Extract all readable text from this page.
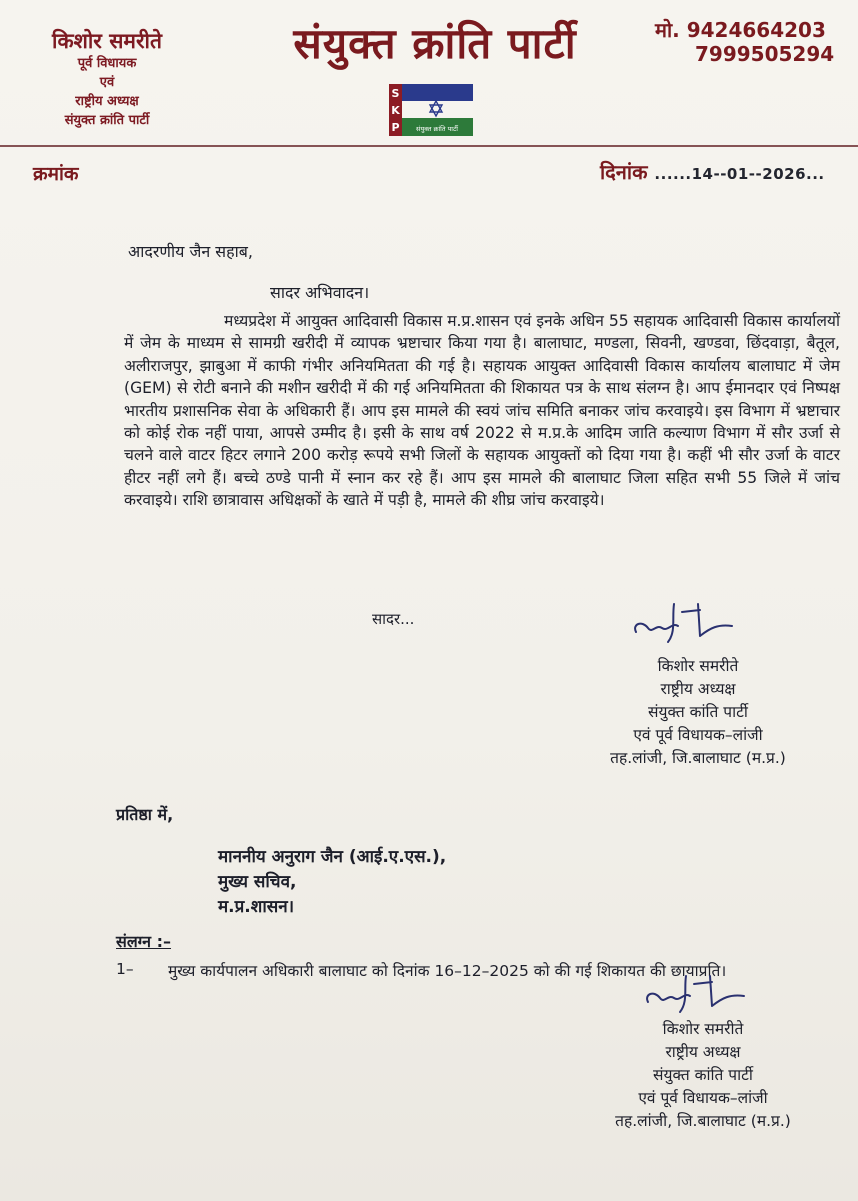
किशोर समरीते
पूर्व विधायक
एवं
राष्ट्रीय अध्यक्ष
संयुक्त क्रांति पार्टी
संयुक्त क्रांति पार्टी
S
K
P	संयुक्त क्रांति पार्टी
मो. 9424664203
7999505294
क्रमांक	दिनांक ......14--01--2026...
आदरणीय जैन सहाब,
सादर अभिवादन।

मध्यप्रदेश में आयुक्त आदिवासी विकास म.प्र.शासन एवं इनके अधिन 55 सहायक आदिवासी विकास कार्यालयों में जेम के माध्यम से सामग्री खरीदी में व्यापक भ्रष्टाचार किया गया है। बालाघाट, मण्डला, सिवनी, खण्डवा, छिंदवाड़ा, बैतूल, अलीराजपुर, झाबुआ में काफी गंभीर अनियमितता की गई है। सहायक आयुक्त आदिवासी विकास कार्यालय बालाघाट में जेम (GEM) से रोटी बनाने की मशीन खरीदी में की गई अनियमितता की शिकायत पत्र के साथ संलग्न है। आप ईमानदार एवं निष्पक्ष भारतीय प्रशासनिक सेवा के अधिकारी हैं। आप इस मामले की स्वयं जांच समिति बनाकर जांच करवाइये। इस विभाग में भ्रष्टाचार को कोई रोक नहीं पाया, आपसे उम्मीद है। इसी के साथ वर्ष 2022 से म.प्र.के आदिम जाति कल्याण विभाग में सौर उर्जा से चलने वाले वाटर हिटर लगाने 200 करोड़ रूपये सभी जिलों के सहायक आयुक्तों को दिया गया है। कहीं भी सौर उर्जा के वाटर हीटर नहीं लगे हैं। बच्चे ठण्डे पानी में स्नान कर रहे हैं। आप इस मामले की बालाघाट जिला सहित सभी 55 जिले में जांच करवाइये। राशि छात्रावास अधिक्षकों के खाते में पड़ी है, मामले की शीघ्र जांच करवाइये।

सादर...
किशोर समरीते
राष्ट्रीय अध्यक्ष
संयुक्त कांति पार्टी
एवं पूर्व विधायक–लांजी
तह.लांजी, जि.बालाघाट (म.प्र.)
प्रतिष्ठा में,
माननीय अनुराग जैन (आई.ए.एस.),
मुख्य सचिव,
म.प्र.शासन।
संलग्न :–
1– मुख्य कार्यपालन अधिकारी बालाघाट को दिनांक 16–12–2025 को की गई शिकायत की छायाप्रति।
किशोर समरीते
राष्ट्रीय अध्यक्ष
संयुक्त कांति पार्टी
एवं पूर्व विधायक–लांजी
तह.लांजी, जि.बालाघाट (म.प्र.)
